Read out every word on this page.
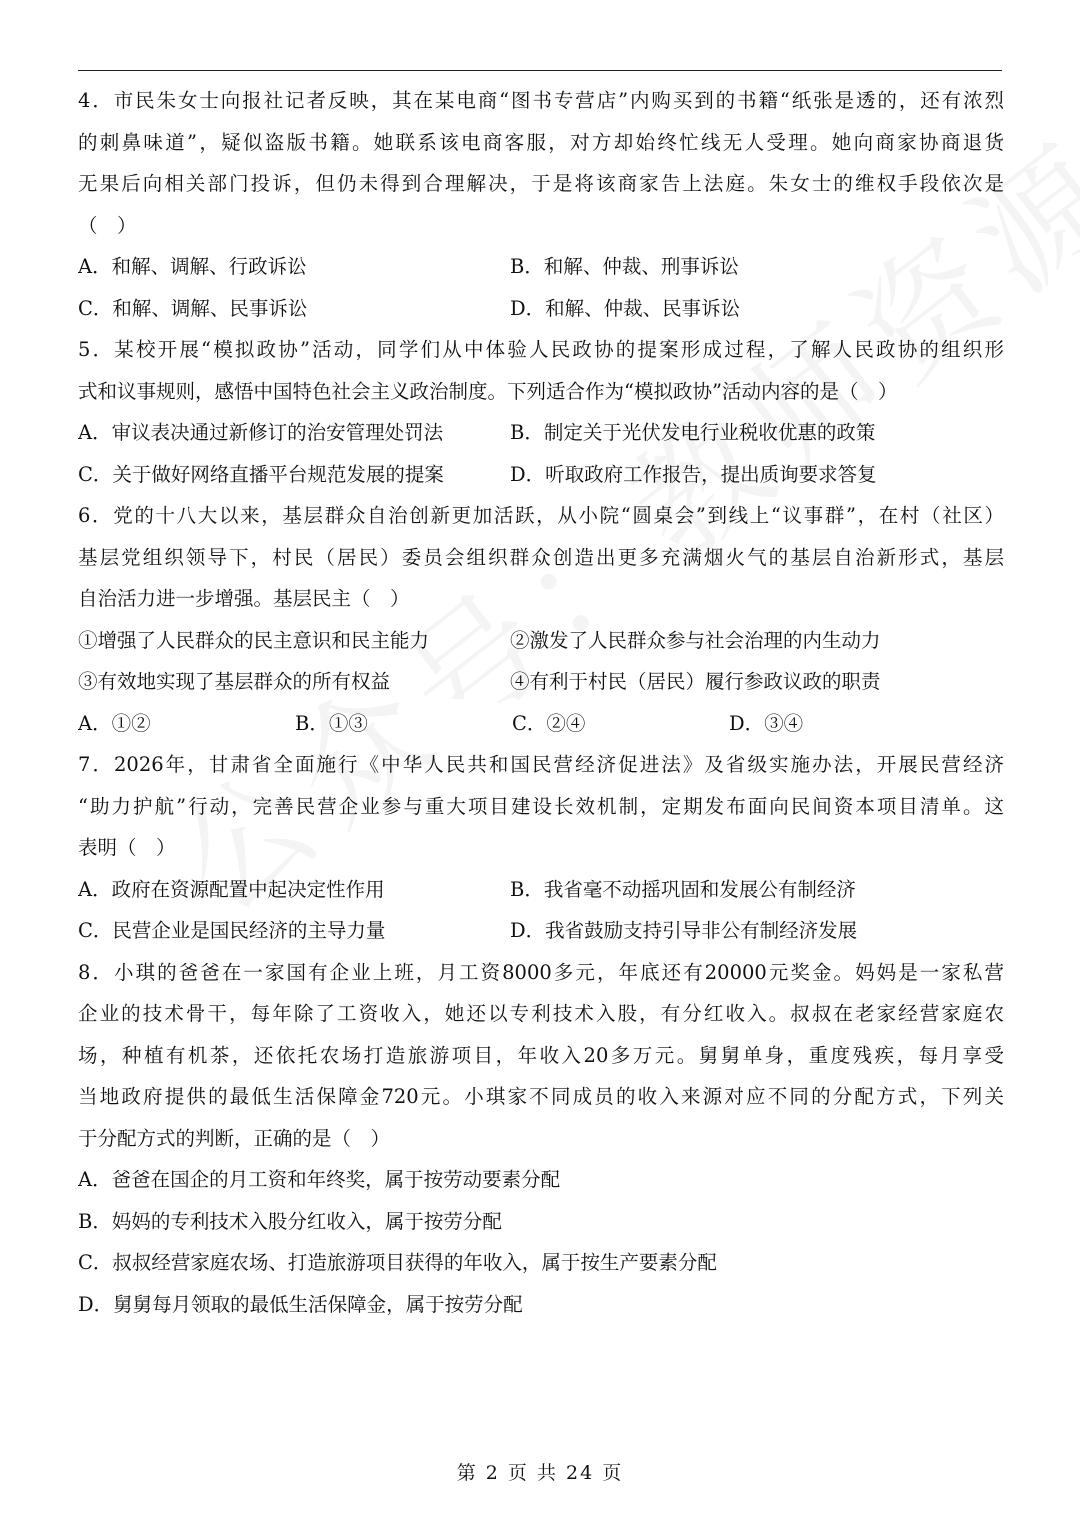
4．市民朱女士向报社记者反映，其在某电商“图书专营店”内购买到的书籍“纸张是透的，还有浓烈
的刺鼻味道”，疑似盗版书籍。她联系该电商客服，对方却始终忙线无人受理。她向商家协商退货
无果后向相关部门投诉，但仍未得到合理解决，于是将该商家告上法庭。朱女士的维权手段依次是
（　）
A．和解、调解、行政诉讼	B．和解、仲裁、刑事诉讼
C．和解、调解、民事诉讼	D．和解、仲裁、民事诉讼
5．某校开展“模拟政协”活动，同学们从中体验人民政协的提案形成过程，了解人民政协的组织形
式和议事规则，感悟中国特色社会主义政治制度。下列适合作为“模拟政协”活动内容的是（　）
A．审议表决通过新修订的治安管理处罚法	B．制定关于光伏发电行业税收优惠的政策
C．关于做好网络直播平台规范发展的提案	D．听取政府工作报告，提出质询要求答复
6．党的十八大以来，基层群众自治创新更加活跃，从小院“圆桌会”到线上“议事群”，在村（社区）
基层党组织领导下，村民（居民）委员会组织群众创造出更多充满烟火气的基层自治新形式，基层
自治活力进一步增强。基层民主（　）
①增强了人民群众的民主意识和民主能力	②激发了人民群众参与社会治理的内生动力
③有效地实现了基层群众的所有权益	④有利于村民（居民）履行参政议政的职责
A．①②	B．①③	C．②④	D．③④
7．2026年，甘肃省全面施行《中华人民共和国民营经济促进法》及省级实施办法，开展民营经济
“助力护航”行动，完善民营企业参与重大项目建设长效机制，定期发布面向民间资本项目清单。这
表明（　）
A．政府在资源配置中起决定性作用	B．我省毫不动摇巩固和发展公有制经济
C．民营企业是国民经济的主导力量	D．我省鼓励支持引导非公有制经济发展
8．小琪的爸爸在一家国有企业上班，月工资8000多元，年底还有20000元奖金。妈妈是一家私营
企业的技术骨干，每年除了工资收入，她还以专利技术入股，有分红收入。叔叔在老家经营家庭农
场，种植有机茶，还依托农场打造旅游项目，年收入20多万元。舅舅单身，重度残疾，每月享受
当地政府提供的最低生活保障金720元。小琪家不同成员的收入来源对应不同的分配方式，下列关
于分配方式的判断，正确的是（　）
A．爸爸在国企的月工资和年终奖，属于按劳动要素分配
B．妈妈的专利技术入股分红收入，属于按劳分配
C．叔叔经营家庭农场、打造旅游项目获得的年收入，属于按生产要素分配
D．舅舅每月领取的最低生活保障金，属于按劳分配
第 2 页 共 24 页
